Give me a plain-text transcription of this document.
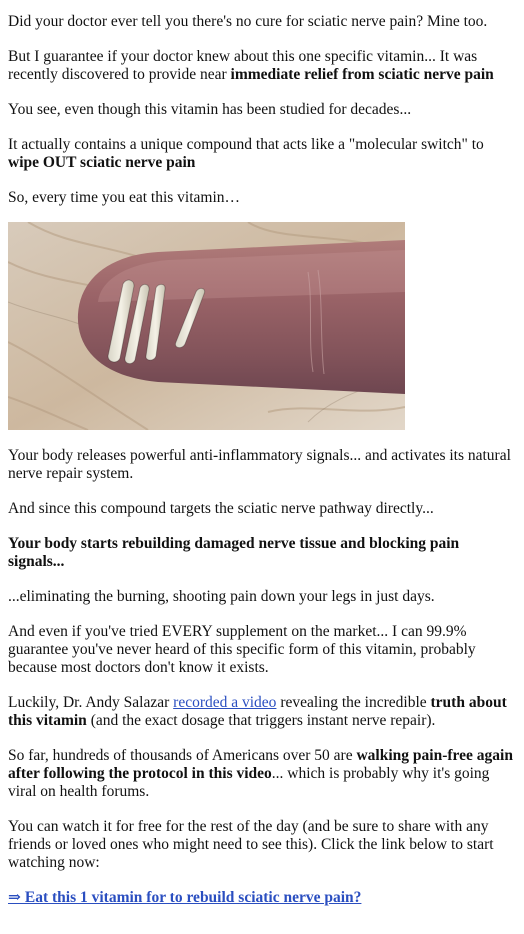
Did your doctor ever tell you there's no cure for sciatic nerve pain? Mine too.

But I guarantee if your doctor knew about this one specific vitamin... It was recently discovered to provide near immediate relief from sciatic nerve pain

You see, even though this vitamin has been studied for decades...

It actually contains a unique compound that acts like a "molecular switch" to wipe OUT sciatic nerve pain

So, every time you eat this vitamin…

Your body releases powerful anti-inflammatory signals... and activates its natural nerve repair system.

And since this compound targets the sciatic nerve pathway directly...

Your body starts rebuilding damaged nerve tissue and blocking pain signals...

...eliminating the burning, shooting pain down your legs in just days.

And even if you've tried EVERY supplement on the market... I can 99.9% guarantee you've never heard of this specific form of this vitamin, probably because most doctors don't know it exists.

Luckily, Dr. Andy Salazar recorded a video revealing the incredible truth about this vitamin (and the exact dosage that triggers instant nerve repair).

So far, hundreds of thousands of Americans over 50 are walking pain-free again after following the protocol in this video... which is probably why it's going viral on health forums.

You can watch it for free for the rest of the day (and be sure to share with any friends or loved ones who might need to see this). Click the link below to start watching now:

⇒ Eat this 1 vitamin for to rebuild sciatic nerve pain?
